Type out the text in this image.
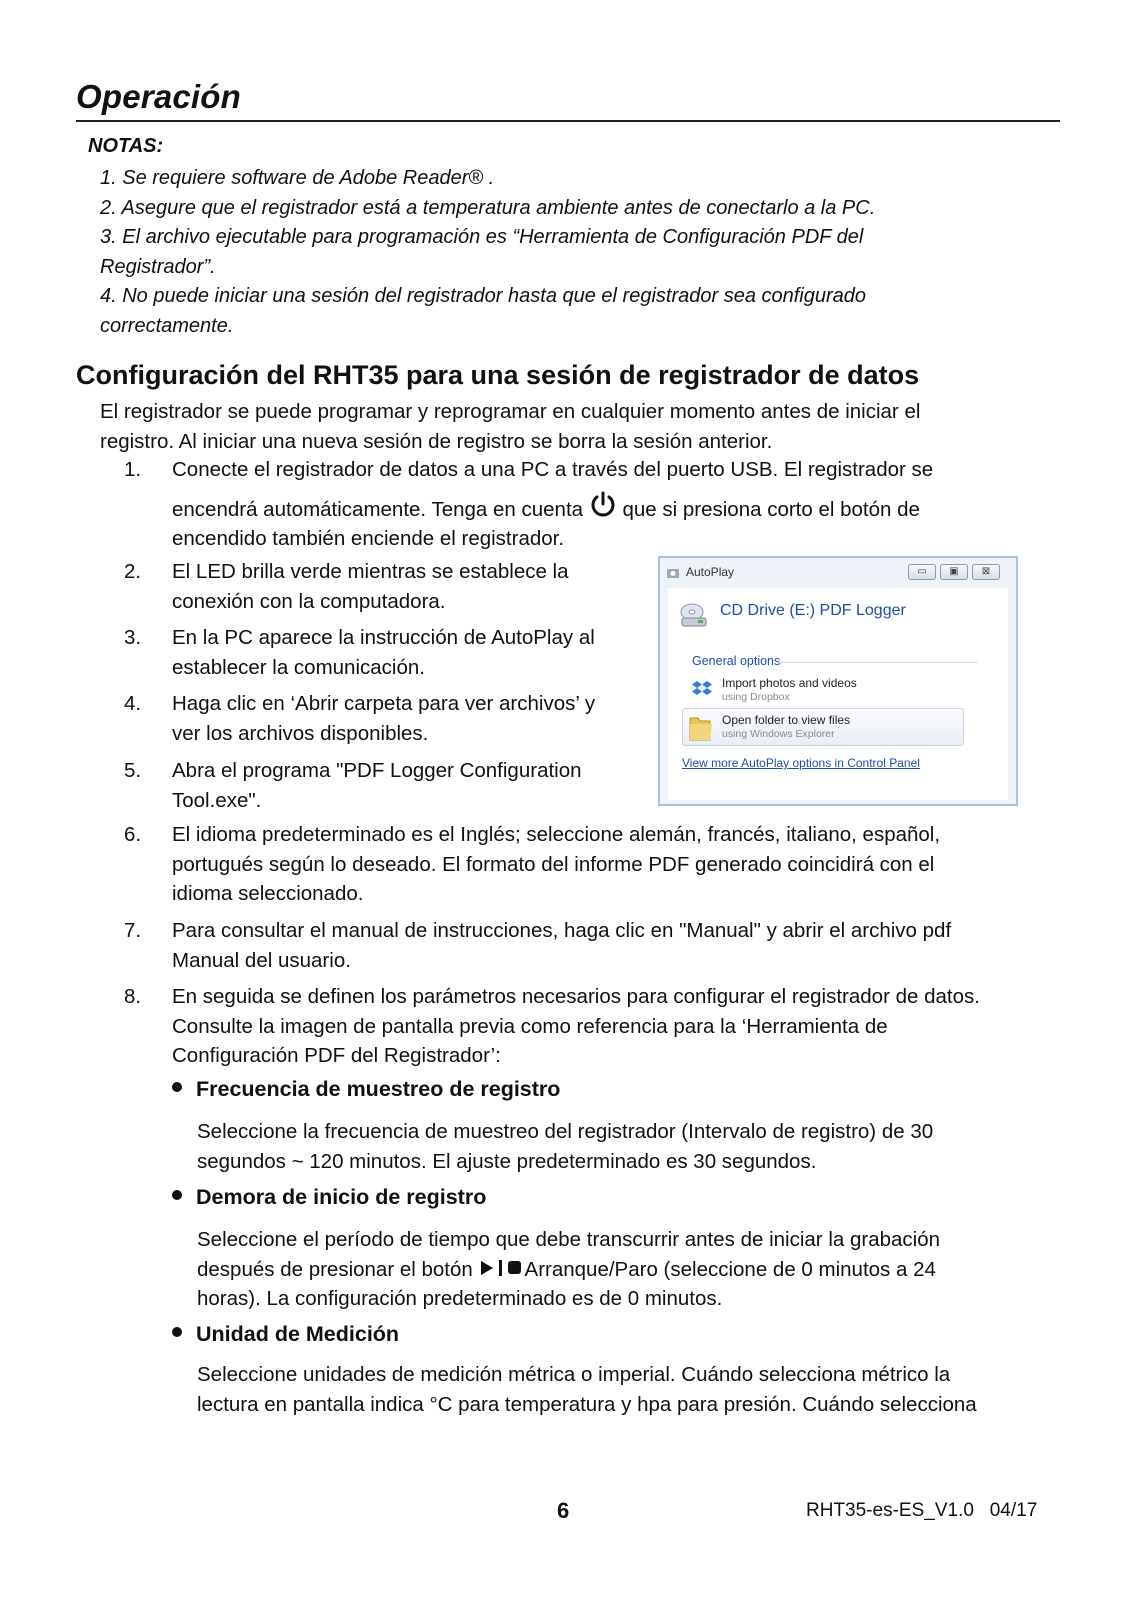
Operación
NOTAS:
1. Se requiere software de Adobe Reader® .
2. Asegure que el registrador está a temperatura ambiente antes de conectarlo a la PC.
3. El archivo ejecutable para programación es “Herramienta de Configuración PDF del
Registrador”.
4. No puede iniciar una sesión del registrador hasta que el registrador sea configurado
correctamente.
Configuración del RHT35 para una sesión de registrador de datos
El registrador se puede programar y reprogramar en cualquier momento antes de iniciar el
registro. Al iniciar una nueva sesión de registro se borra la sesión anterior.
1.	Conecte el registrador de datos a una PC a través del puerto USB. El registrador se
encendrá automáticamente. Tenga en cuenta que si presiona corto el botón de
encendido también enciende el registrador.
2.	El LED brilla verde mientras se establece la
conexión con la computadora.
3.	En la PC aparece la instrucción de AutoPlay al
establecer la comunicación.
4.	Haga clic en ‘Abrir carpeta para ver archivos’ y
ver los archivos disponibles.
5.	Abra el programa "PDF Logger Configuration
Tool.exe".
AutoPlay	▭	▣	⊠
CD Drive (E:) PDF Logger
General options
Import photos and videos
using Dropbox
Open folder to view files
using Windows Explorer
View more AutoPlay options in Control Panel
6.	El idioma predeterminado es el Inglés; seleccione alemán, francés, italiano, español,
portugués según lo deseado. El formato del informe PDF generado coincidirá con el
idioma seleccionado.
7.	Para consultar el manual de instrucciones, haga clic en "Manual" y abrir el archivo pdf
Manual del usuario.
8.	En seguida se definen los parámetros necesarios para configurar el registrador de datos.
Consulte la imagen de pantalla previa como referencia para la ‘Herramienta de
Configuración PDF del Registrador’:
Frecuencia de muestreo de registro
Seleccione la frecuencia de muestreo del registrador (Intervalo de registro) de 30
segundos ~ 120 minutos. El ajuste predeterminado es 30 segundos.
Demora de inicio de registro
Seleccione el período de tiempo que debe transcurrir antes de iniciar la grabación
después de presionar el botón	Arranque/Paro (seleccione de 0 minutos a 24
horas). La configuración predeterminado es de 0 minutos.
Unidad de Medición
Seleccione unidades de medición métrica o imperial. Cuándo selecciona métrico la
lectura en pantalla indica °C para temperatura y hpa para presión. Cuándo selecciona
6	RHT35-es-ES_V1.0   04/17
